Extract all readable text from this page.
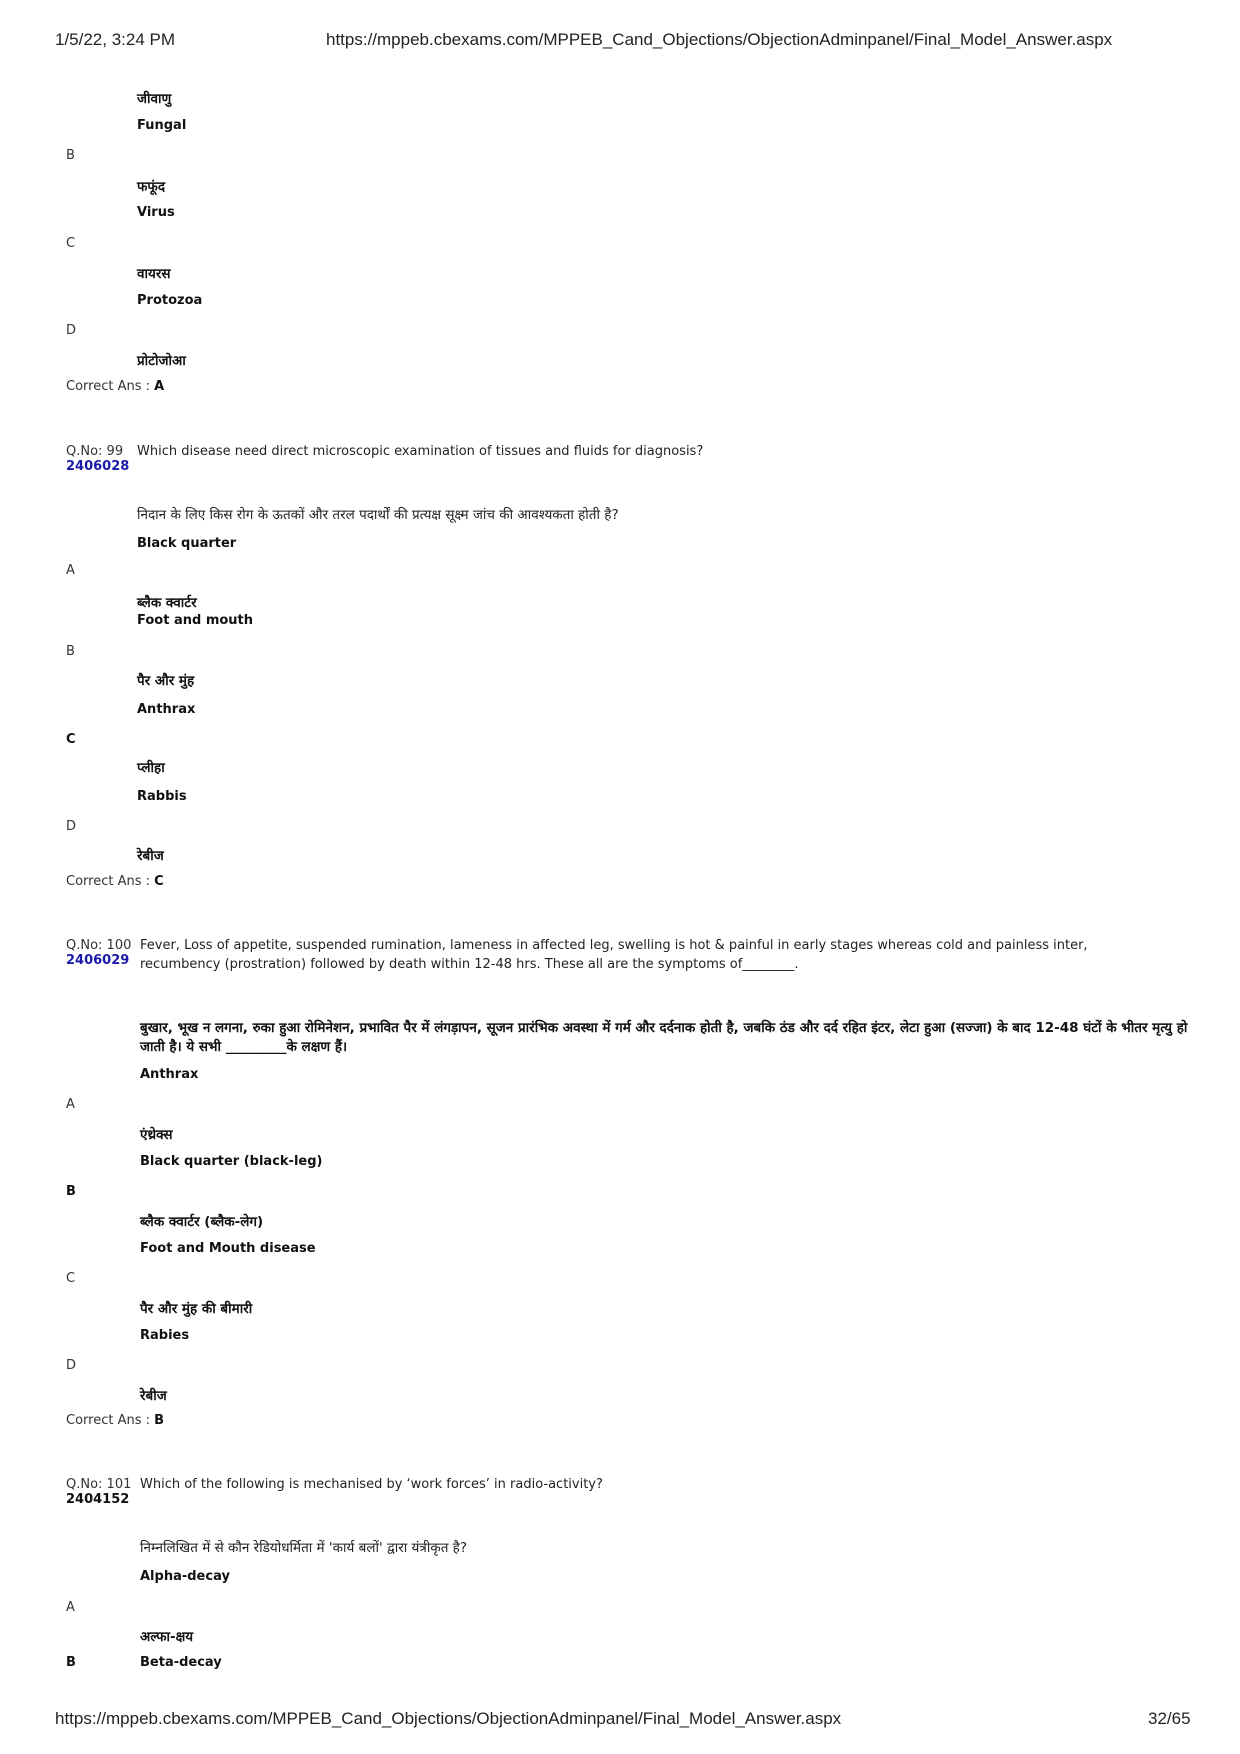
1/5/22, 3:24 PM	https://mppeb.cbexams.com/MPPEB_Cand_Objections/ObjectionAdminpanel/Final_Model_Answer.aspx
जीवाणु
Fungal
B
फफूंद
Virus
C
वायरस
Protozoa
D
प्रोटोजोआ
Correct Ans : A
Q.No: 99
2406028
Which disease need direct microscopic examination of tissues and fluids for diagnosis?
निदान के लिए किस रोग के ऊतकों और तरल पदार्थों की प्रत्यक्ष सूक्ष्म जांच की आवश्यकता होती है?
Black quarter
A
ब्लैक क्वार्टर
Foot and mouth
B
पैर और मुंह
Anthrax
C
प्लीहा
Rabbis
D
रेबीज
Correct Ans : C
Q.No: 100
2406029
Fever, Loss of appetite, suspended rumination, lameness in affected leg, swelling is hot & painful in early stages whereas cold and painless inter,
recumbency (prostration) followed by death within 12-48 hrs. These all are the symptoms of________.
बुखार, भूख न लगना, रुका हुआ रोमिनेशन, प्रभावित पैर में लंगड़ापन, सूजन प्रारंभिक अवस्था में गर्म और दर्दनाक होती है, जबकि ठंड और दर्द रहित इंटर, लेटा हुआ (सज्जा) के बाद 12-48 घंटों के भीतर मृत्यु हो
जाती है। ये सभी _________के लक्षण हैं।
Anthrax
A
एंथ्रेक्स
Black quarter (black-leg)
B
ब्लैक क्वार्टर (ब्लैक-लेग)
Foot and Mouth disease
C
पैर और मुंह की बीमारी
Rabies
D
रेबीज
Correct Ans : B
Q.No: 101
2404152
Which of the following is mechanised by ‘work forces’ in radio-activity?
निम्नलिखित में से कौन रेडियोधर्मिता में 'कार्य बलों' द्वारा यंत्रीकृत है?
Alpha-decay
A
अल्फा-क्षय
B	Beta-decay
https://mppeb.cbexams.com/MPPEB_Cand_Objections/ObjectionAdminpanel/Final_Model_Answer.aspx	32/65
